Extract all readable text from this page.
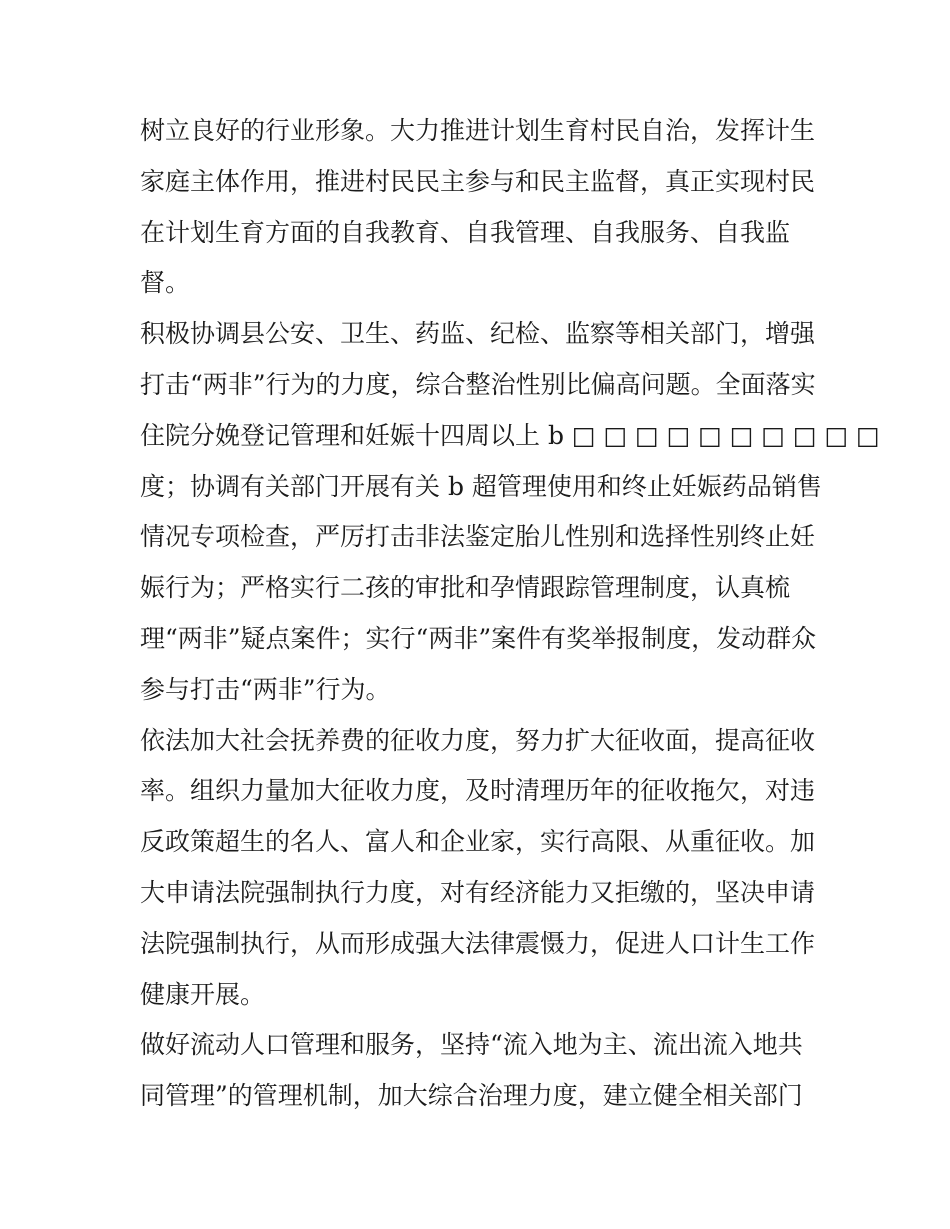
树立良好的行业形象。大力推进计划生育村民自治，发挥计生
家庭主体作用，推进村民民主参与和民主监督，真正实现村民
在计划生育方面的自我教育、自我管理、自我服务、自我监
督。
积极协调县公安、卫生、药监、纪检、监察等相关部门，增强
打击“两非”行为的力度，综合整治性别比偏高问题。全面落实
住院分娩登记管理和妊娠十四周以上 b □ □ □ □ □ □ □ □ □ □
度；协调有关部门开展有关 b 超管理使用和终止妊娠药品销售
情况专项检查，严厉打击非法鉴定胎儿性别和选择性别终止妊
娠行为；严格实行二孩的审批和孕情跟踪管理制度，认真梳
理“两非”疑点案件；实行“两非”案件有奖举报制度，发动群众
参与打击“两非”行为。
依法加大社会抚养费的征收力度，努力扩大征收面，提高征收
率。组织力量加大征收力度，及时清理历年的征收拖欠，对违
反政策超生的名人、富人和企业家，实行高限、从重征收。加
大申请法院强制执行力度，对有经济能力又拒缴的，坚决申请
法院强制执行，从而形成强大法律震慑力，促进人口计生工作
健康开展。
做好流动人口管理和服务，坚持“流入地为主、流出流入地共
同管理”的管理机制，加大综合治理力度，建立健全相关部门
